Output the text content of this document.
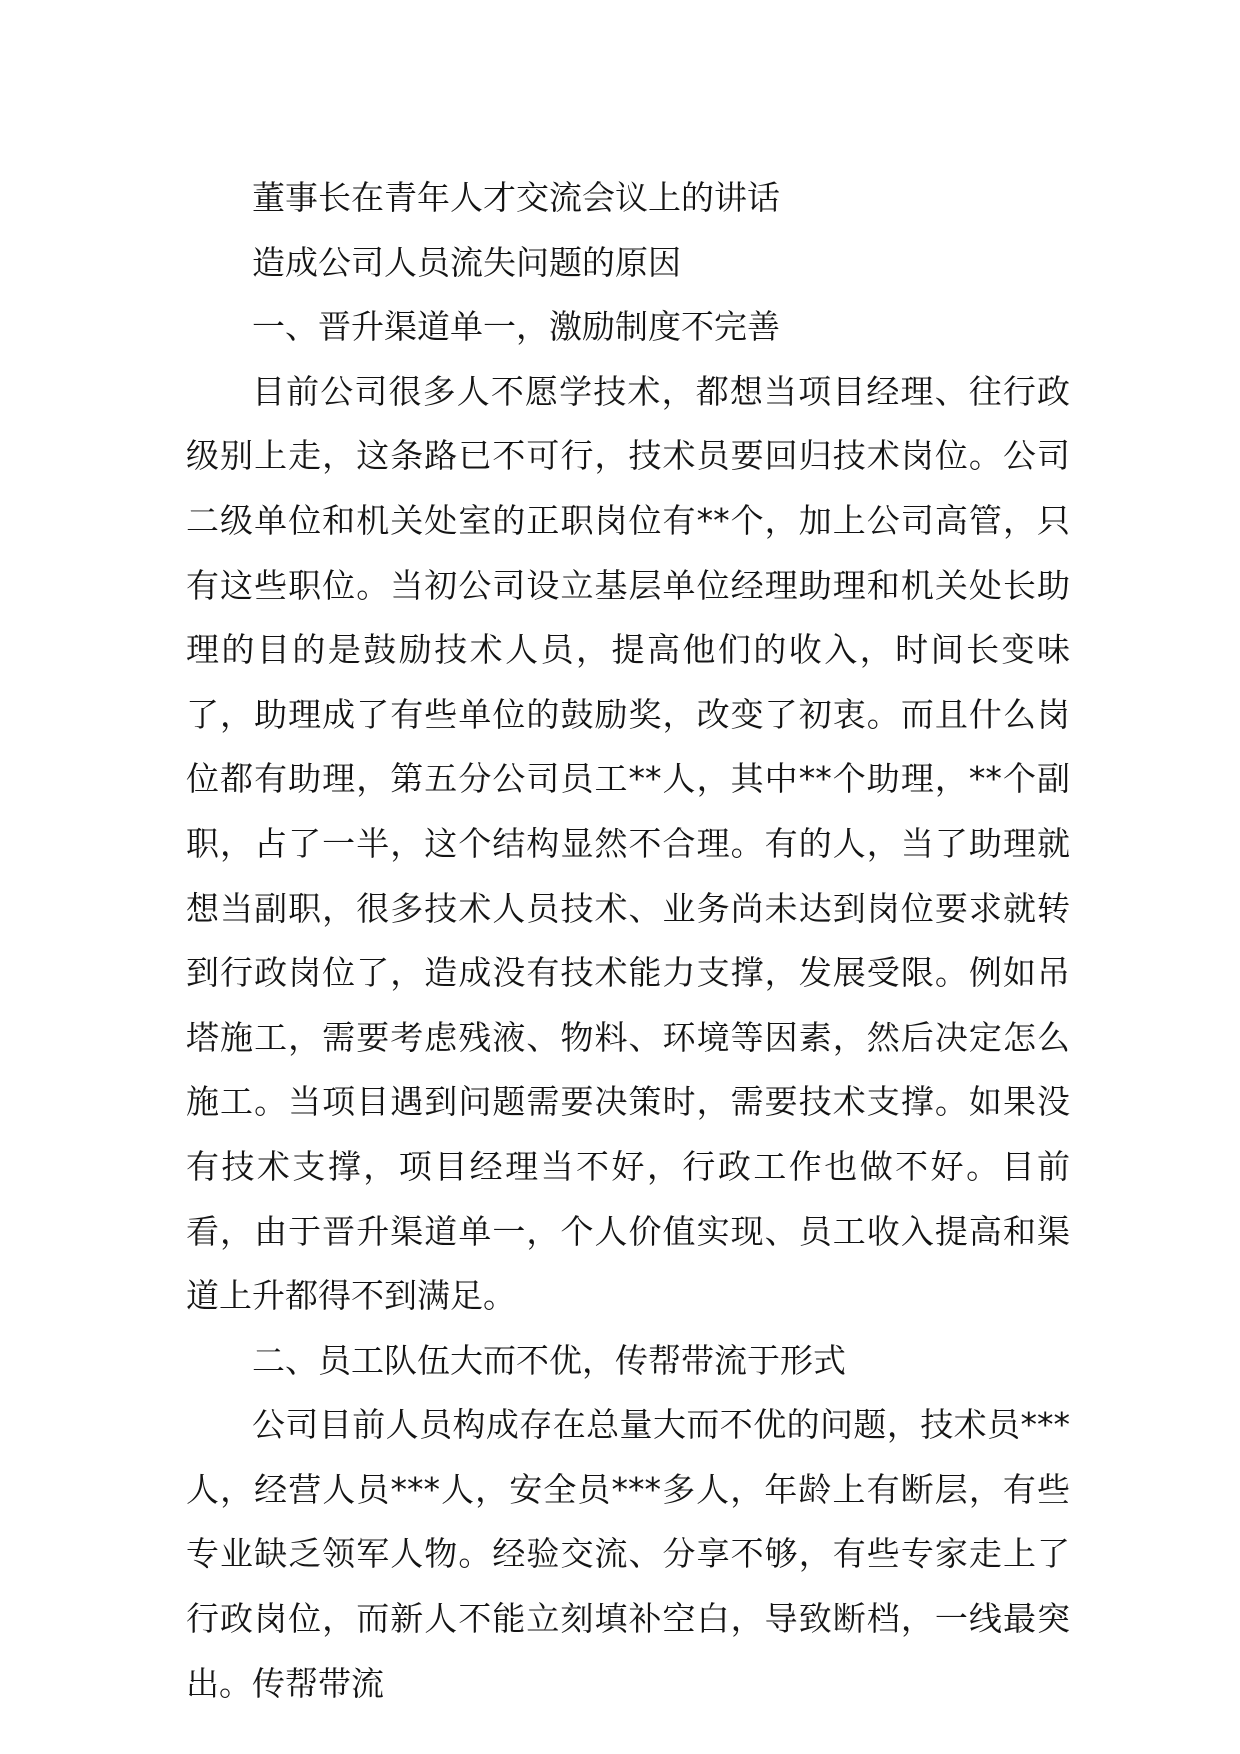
董事长在青年人才交流会议上的讲话

造成公司人员流失问题的原因

一、晋升渠道单一，激励制度不完善

目前公司很多人不愿学技术，都想当项目经理、往行政级别上走，这条路已不可行，技术员要回归技术岗位。公司二级单位和机关处室的正职岗位有**个，加上公司高管，只有这些职位。当初公司设立基层单位经理助理和机关处长助理的目的是鼓励技术人员，提高他们的收入，时间长变味了，助理成了有些单位的鼓励奖，改变了初衷。而且什么岗位都有助理，第五分公司员工**人，其中**个助理，**个副职，占了一半，这个结构显然不合理。有的人，当了助理就想当副职，很多技术人员技术、业务尚未达到岗位要求就转到行政岗位了，造成没有技术能力支撑，发展受限。例如吊塔施工，需要考虑残液、物料、环境等因素，然后决定怎么施工。当项目遇到问题需要决策时，需要技术支撑。如果没有技术支撑，项目经理当不好，行政工作也做不好。目前看，由于晋升渠道单一，个人价值实现、员工收入提高和渠道上升都得不到满足。

二、员工队伍大而不优，传帮带流于形式

公司目前人员构成存在总量大而不优的问题，技术员***人，经营人员***人，安全员***多人，年龄上有断层，有些专业缺乏领军人物。经验交流、分享不够，有些专家走上了行政岗位，而新人不能立刻填补空白，导致断档，一线最突出。传帮带流
